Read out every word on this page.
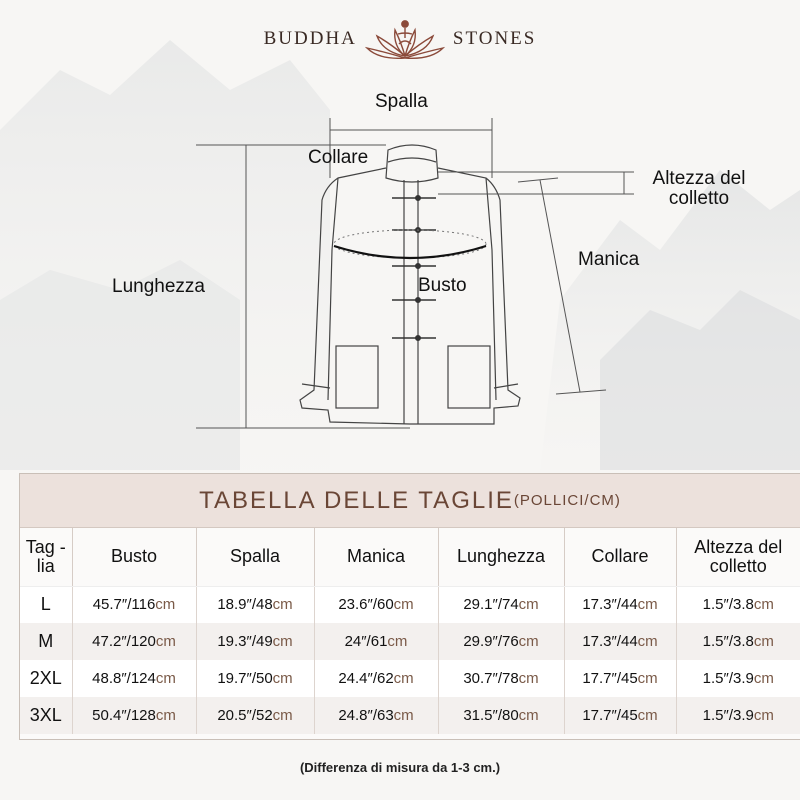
BUDDHA	STONES
Spalla
Collare
Altezza del colletto
Manica
Lunghezza	Busto
TABELLA DELLE TAGLIE (POLLICI/CM)
Tag -lia	Busto	Spalla	Manica	Lunghezza	Collare	Altezza del colletto
L	45.7″/116cm	18.9″/48cm	23.6″/60cm	29.1″/74cm	17.3″/44cm	1.5″/3.8cm
M	47.2″/120cm	19.3″/49cm	24″/61cm	29.9″/76cm	17.3″/44cm	1.5″/3.8cm
2XL	48.8″/124cm	19.7″/50cm	24.4″/62cm	30.7″/78cm	17.7″/45cm	1.5″/3.9cm
3XL	50.4″/128cm	20.5″/52cm	24.8″/63cm	31.5″/80cm	17.7″/45cm	1.5″/3.9cm
(Differenza di misura da 1-3 cm.)
